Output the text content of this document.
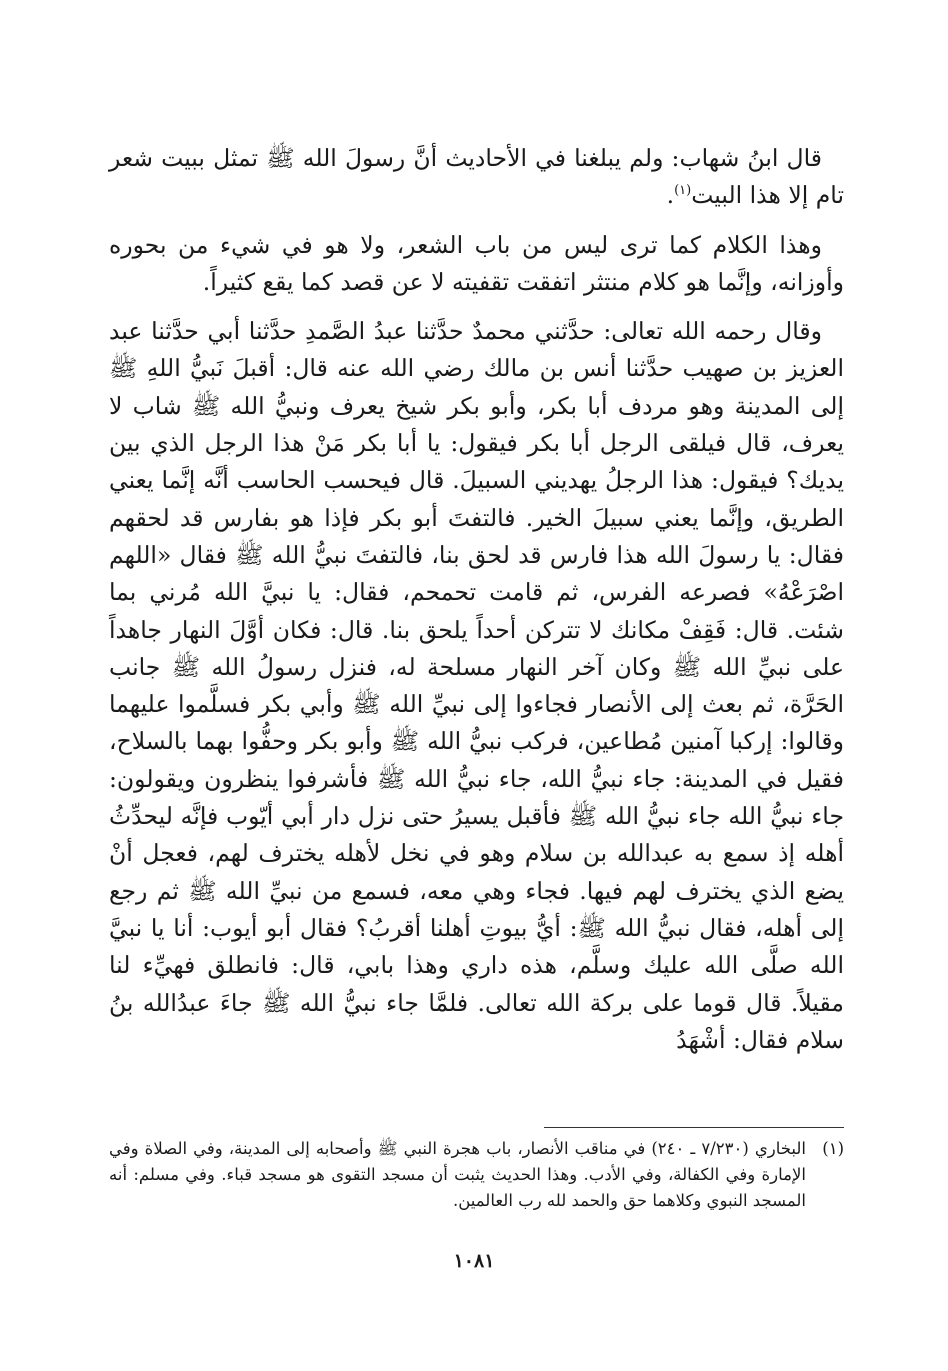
قال ابنُ شهاب: ولم يبلغنا في الأحاديث أنَّ رسولَ الله ﷺ تمثل ببيت شعر تام إلا هذا البيت$^{(١)}$.

وهذا الكلام كما ترى ليس من باب الشعر، ولا هو في شيء من بحوره وأوزانه، وإنَّما هو كلام منتثر اتفقت تقفيته لا عن قصد كما يقع كثيراً.

وقال رحمه الله تعالى: حدَّثني محمدٌ حدَّثنا عبدُ الصَّمدِ حدَّثنا أبي حدَّثنا عبد العزيز بن صهيب حدَّثنا أنس بن مالك رضي الله عنه قال: أقبلَ نَبيُّ اللهِ ﷺ إلى المدينة وهو مردف أبا بكر، وأبو بكر شيخ يعرف ونبيُّ الله ﷺ شاب لا يعرف، قال فيلقى الرجل أبا بكر فيقول: يا أبا بكر مَنْ هذا الرجل الذي بين يديك؟ فيقول: هذا الرجلُ يهديني السبيلَ. قال فيحسب الحاسب أنَّه إنَّما يعني الطريق، وإنَّما يعني سبيلَ الخير. فالتفتَ أبو بكر فإذا هو بفارس قد لحقهم فقال: يا رسولَ الله هذا فارس قد لحق بنا، فالتفتَ نبيُّ الله ﷺ فقال «اللهم اصْرَعْهُ» فصرعه الفرس، ثم قامت تحمحم، فقال: يا نبيَّ الله مُرني بما شئت. قال: فَقِفْ مكانك لا تتركن أحداً يلحق بنا. قال: فكان أوَّلَ النهار جاهداً على نبيِّ الله ﷺ وكان آخر النهار مسلحة له، فنزل رسولُ الله ﷺ جانب الحَرَّة، ثم بعث إلى الأنصار فجاءوا إلى نبيِّ الله ﷺ وأبي بكر فسلَّموا عليهما وقالوا: إركبا آمنين مُطاعين، فركب نبيُّ الله ﷺ وأبو بكر وحفُّوا بهما بالسلاح، فقيل في المدينة: جاء نبيُّ الله، جاء نبيُّ الله ﷺ فأشرفوا ينظرون ويقولون: جاء نبيُّ الله جاء نبيُّ الله ﷺ فأقبل يسيرُ حتى نزل دار أبي أيّوب فإنَّه ليحدِّثُ أهله إذ سمع به عبدالله بن سلام وهو في نخل لأهله يخترف لهم، فعجل أنْ يضع الذي يخترف لهم فيها. فجاء وهي معه، فسمع من نبيِّ الله ﷺ ثم رجع إلى أهله، فقال نبيُّ الله ﷺ: أيُّ بيوتِ أهلنا أقربُ؟ فقال أبو أيوب: أنا يا نبيَّ الله صلَّى الله عليك وسلَّم، هذه داري وهذا بابي، قال: فانطلق فهيِّء لنا مقيلاً. قال قوما على بركة الله تعالى. فلمَّا جاء نبيُّ الله ﷺ جاءَ عبدُالله بنُ سلام فقال: أشْهَدُ

(١)
البخاري (٧/٢٣٠ ـ ٢٤٠) في مناقب الأنصار، باب هجرة النبي ﷺ وأصحابه إلى المدينة، وفي الصلاة وفي الإمارة وفي الكفالة، وفي الأدب. وهذا الحديث يثبت أن مسجد التقوى هو مسجد قباء. وفي مسلم: أنه المسجد النبوي وكلاهما حق والحمد لله رب العالمين.
١٠٨١
